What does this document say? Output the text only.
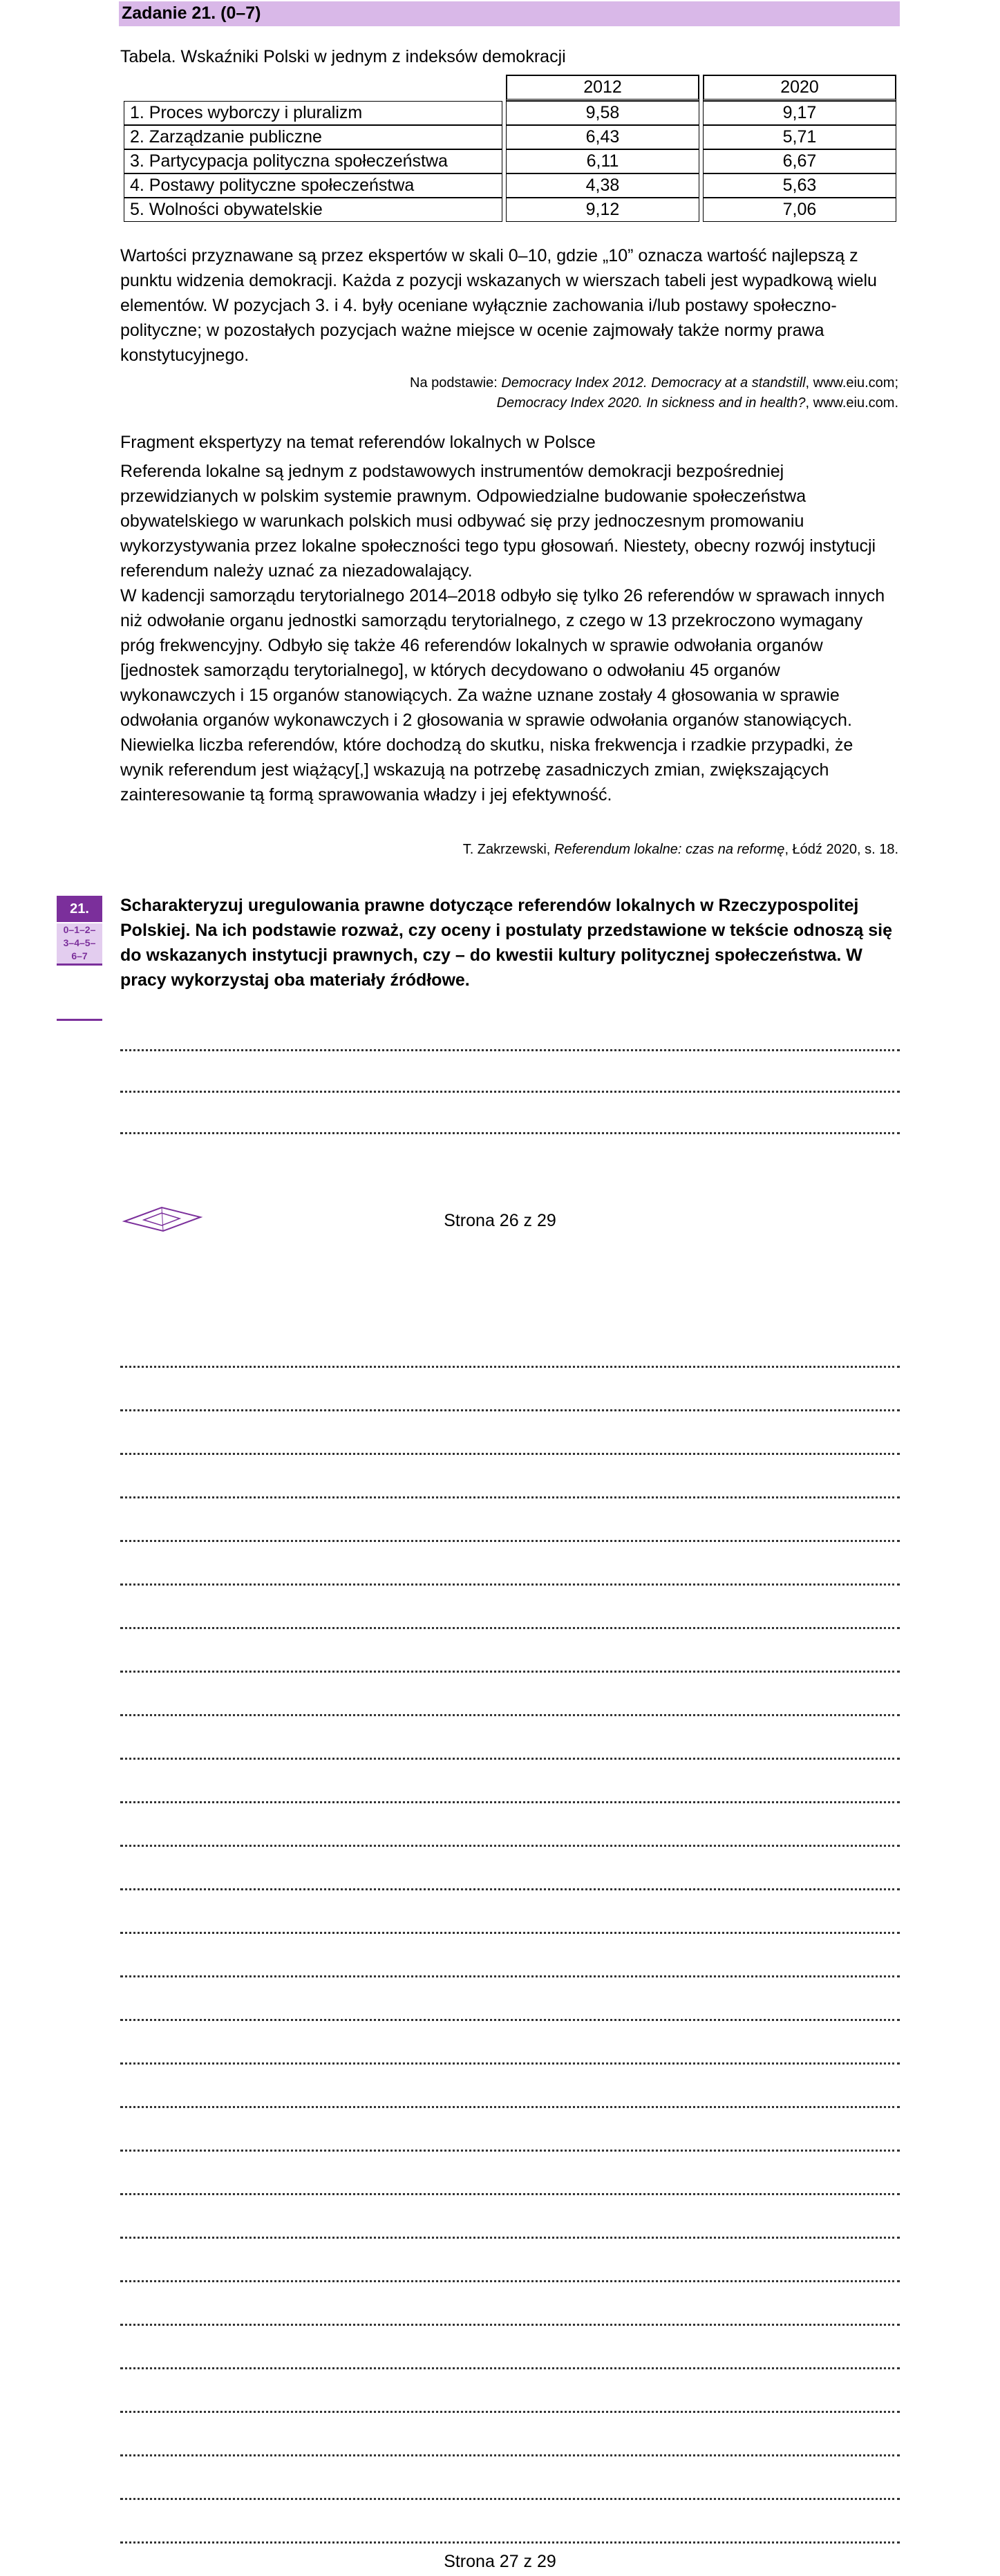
Zadanie 21. (0–7)
Tabela. Wskaźniki Polski w jednym z indeksów demokracji
	2012	2020
1. Proces wyborczy i pluralizm	9,58	9,17
2. Zarządzanie publiczne	6,43	5,71
3. Partycypacja polityczna społeczeństwa	6,11	6,67
4. Postawy polityczne społeczeństwa	4,38	5,63
5. Wolności obywatelskie	9,12	7,06
Wartości przyznawane są przez ekspertów w skali 0–10, gdzie „10” oznacza wartość najlepszą z punktu widzenia demokracji. Każda z pozycji wskazanych w wierszach tabeli jest wypadkową wielu elementów. W pozycjach 3. i 4. były oceniane wyłącznie zachowania i/lub postawy społeczno-polityczne; w pozostałych pozycjach ważne miejsce w ocenie zajmowały także normy prawa konstytucyjnego.
Na podstawie: Democracy Index 2012. Democracy at a standstill, www.eiu.com;
Democracy Index 2020. In sickness and in health?, www.eiu.com.
Fragment ekspertyzy na temat referendów lokalnych w Polsce
Referenda lokalne są jednym z podstawowych instrumentów demokracji bezpośredniej przewidzianych w polskim systemie prawnym. Odpowiedzialne budowanie społeczeństwa obywatelskiego w warunkach polskich musi odbywać się przy jednoczesnym promowaniu wykorzystywania przez lokalne społeczności tego typu głosowań. Niestety, obecny rozwój instytucji referendum należy uznać za niezadowalający.
W kadencji samorządu terytorialnego 2014–2018 odbyło się tylko 26 referendów w sprawach innych niż odwołanie organu jednostki samorządu terytorialnego, z czego w 13 przekroczono wymagany próg frekwencyjny. Odbyło się także 46 referendów lokalnych w sprawie odwołania organów [jednostek samorządu terytorialnego], w których decydowano o odwołaniu 45 organów wykonawczych i 15 organów stanowiących. Za ważne uznane zostały 4 głosowania w sprawie odwołania organów wykonawczych i 2 głosowania w sprawie odwołania organów stanowiących.
Niewielka liczba referendów, które dochodzą do skutku, niska frekwencja i rzadkie przypadki, że wynik referendum jest wiążący[,] wskazują na potrzebę zasadniczych zmian, zwiększających zainteresowanie tą formą sprawowania władzy i jej efektywność.
T. Zakrzewski, Referendum lokalne: czas na reformę, Łódź 2020, s. 18.
21.
0–1–2–
3–4–5–
6–7
Scharakteryzuj uregulowania prawne dotyczące referendów lokalnych w Rzeczypospolitej Polskiej. Na ich podstawie rozważ, czy oceny i postulaty przedstawione w tekście odnoszą się do wskazanych instytucji prawnych, czy – do kwestii kultury politycznej społeczeństwa. W pracy wykorzystaj oba materiały źródłowe.
Strona 26 z 29
Strona 27 z 29
